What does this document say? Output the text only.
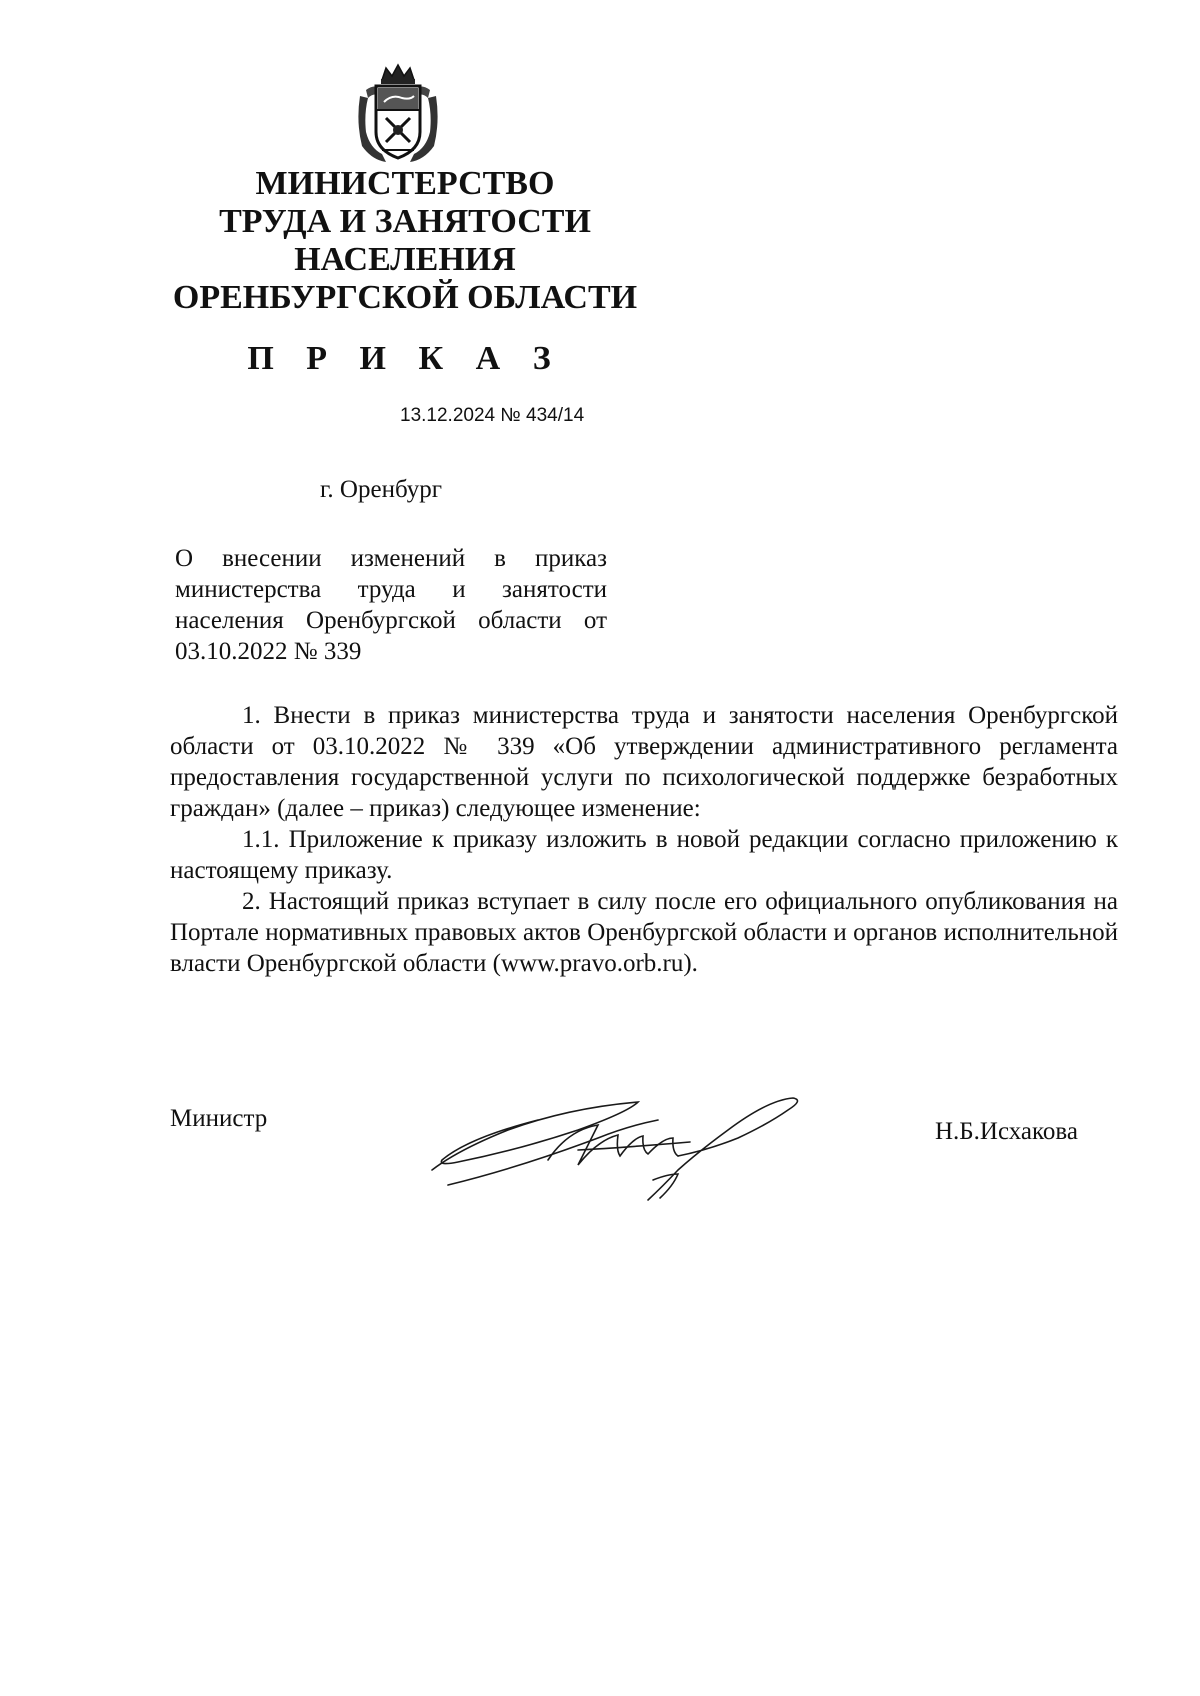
МИНИСТЕРСТВО
ТРУДА И ЗАНЯТОСТИ
НАСЕЛЕНИЯ
ОРЕНБУРГСКОЙ ОБЛАСТИ
П Р И К А З
13.12.2024 № 434/14
г. Оренбург
О внесении изменений в приказ министерства труда и занятости населения Оренбургской области от 03.10.2022 № 339

1. Внести в приказ министерства труда и занятости населения Оренбургской области от 03.10.2022 № 339 «Об утверждении административного регламента предоставления государственной услуги по психологической поддержке безработных граждан» (далее – приказ) следующее изменение:

1.1. Приложение к приказу изложить в новой редакции согласно приложению к настоящему приказу.

2. Настоящий приказ вступает в силу после его официального опубликования на Портале нормативных правовых актов Оренбургской области и органов исполнительной власти Оренбургской области (www.pravo.orb.ru).

Министр	Н.Б.Исхакова
